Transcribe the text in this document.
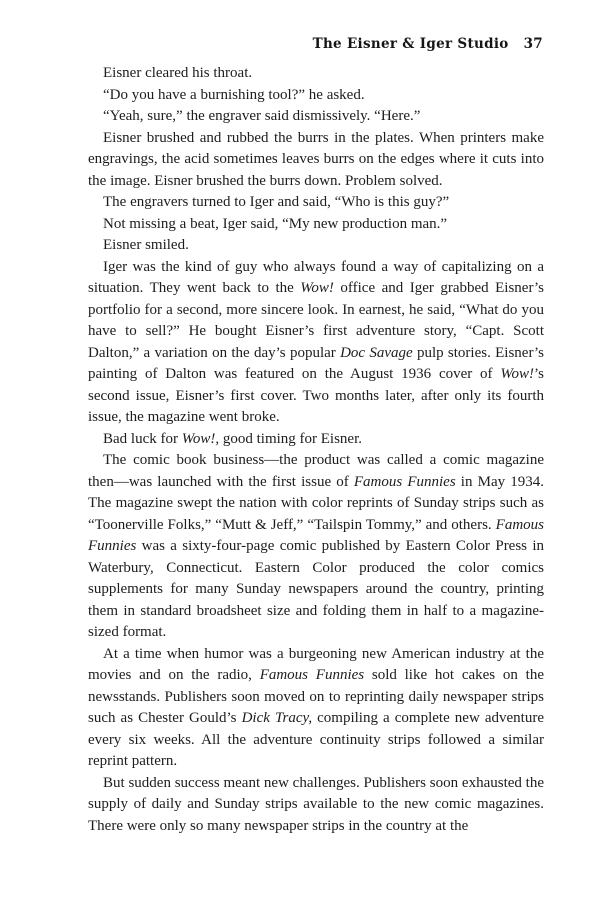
The Eisner & Iger Studio 37

Eisner cleared his throat.

“Do you have a burnishing tool?” he asked.

“Yeah, sure,” the engraver said dismissively. “Here.”

Eisner brushed and rubbed the burrs in the plates. When printers make engravings, the acid sometimes leaves burrs on the edges where it cuts into the image. Eisner brushed the burrs down. Problem solved.

The engravers turned to Iger and said, “Who is this guy?”

Not missing a beat, Iger said, “My new production man.”

Eisner smiled.

Iger was the kind of guy who always found a way of capitalizing on a situation. They went back to the Wow! office and Iger grabbed Eisner’s portfolio for a second, more sincere look. In earnest, he said, “What do you have to sell?” He bought Eisner’s first adventure story, “Capt. Scott Dalton,” a variation on the day’s popular Doc Savage pulp stories. Eisner’s painting of Dalton was featured on the August 1936 cover of Wow!’s second issue, Eisner’s first cover. Two months later, after only its fourth issue, the magazine went broke.

Bad luck for Wow!, good timing for Eisner.

The comic book business—the product was called a comic magazine then—was launched with the first issue of Famous Funnies in May 1934. The magazine swept the nation with color reprints of Sunday strips such as “Toonerville Folks,” “Mutt & Jeff,” “Tailspin Tommy,” and others. Famous Funnies was a sixty-four-page comic published by Eastern Color Press in Waterbury, Connecticut. Eastern Color produced the color comics supplements for many Sunday newspapers around the country, printing them in standard broadsheet size and folding them in half to a magazine-sized format.

At a time when humor was a burgeoning new American industry at the movies and on the radio, Famous Funnies sold like hot cakes on the newsstands. Publishers soon moved on to reprinting daily newspaper strips such as Chester Gould’s Dick Tracy, compiling a complete new adventure every six weeks. All the adventure continuity strips followed a similar reprint pattern.

But sudden success meant new challenges. Publishers soon exhausted the supply of daily and Sunday strips available to the new comic magazines. There were only so many newspaper strips in the country at the
